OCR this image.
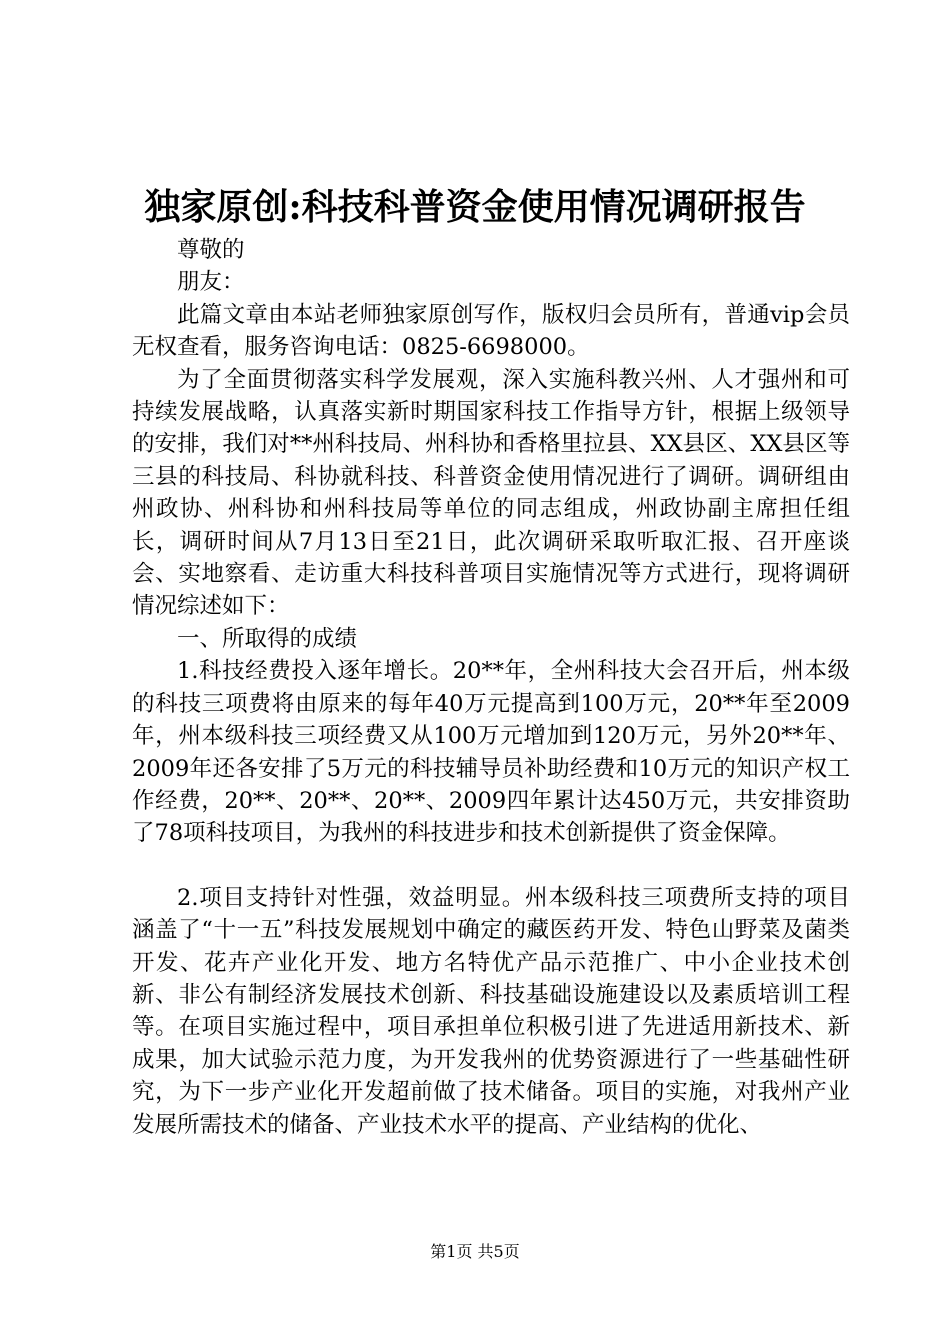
独家原创:科技科普资金使用情况调研报告

尊敬的

朋友：

此篇文章由本站老师独家原创写作，版权归会员所有，普通vip会员无权查看，服务咨询电话：0825-6698000。

为了全面贯彻落实科学发展观，深入实施科教兴州、人才强州和可持续发展战略，认真落实新时期国家科技工作指导方针，根据上级领导的安排，我们对**州科技局、州科协和香格里拉县、XX县区、XX县区等三县的科技局、科协就科技、科普资金使用情况进行了调研。调研组由州政协、州科协和州科技局等单位的同志组成，州政协副主席担任组长，调研时间从7月13日至21日，此次调研采取听取汇报、召开座谈会、实地察看、走访重大科技科普项目实施情况等方式进行，现将调研情况综述如下：

一、所取得的成绩

1.科技经费投入逐年增长。20**年，全州科技大会召开后，州本级的科技三项费将由原来的每年40万元提高到100万元，20**年至2009年，州本级科技三项经费又从100万元增加到120万元，另外20**年、2009年还各安排了5万元的科技辅导员补助经费和10万元的知识产权工作经费，20**、20**、20**、2009四年累计达450万元，共安排资助了78项科技项目，为我州的科技进步和技术创新提供了资金保障。

2.项目支持针对性强，效益明显。州本级科技三项费所支持的项目涵盖了“十一五”科技发展规划中确定的藏医药开发、特色山野菜及菌类开发、花卉产业化开发、地方名特优产品示范推广、中小企业技术创新、非公有制经济发展技术创新、科技基础设施建设以及素质培训工程等。在项目实施过程中，项目承担单位积极引进了先进适用新技术、新成果，加大试验示范力度，为开发我州的优势资源进行了一些基础性研究，为下一步产业化开发超前做了技术储备。项目的实施，对我州产业发展所需技术的储备、产业技术水平的提高、产业结构的优化、

第1页 共5页
